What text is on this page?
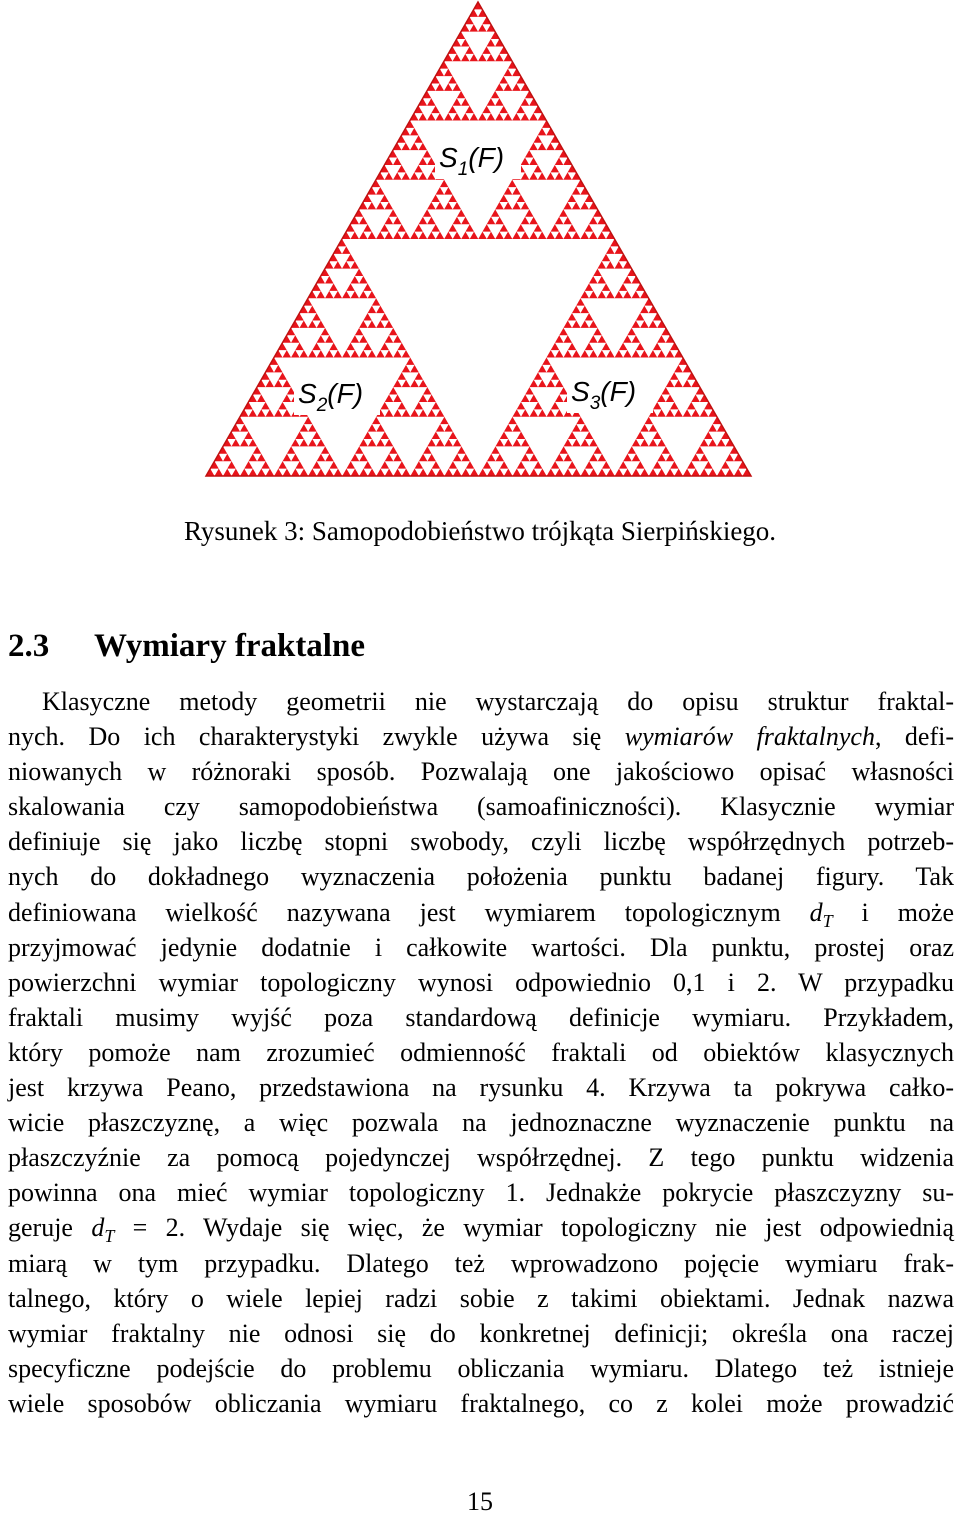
$S_1(F)$
$S_2(F)$	$S_3(F)$
Rysunek 3: Samopodobieństwo trójkąta Sierpińskiego.
2.3 Wymiary fraktalne
Klasyczne metody geometrii nie wystarczają do opisu struktur fraktal-
nych. Do ich charakterystyki zwykle używa się wymiarów fraktalnych, defi-
niowanych w różnoraki sposób. Pozwalają one jakościowo opisać własności
skalowania czy samopodobieństwa (samoafiniczności). Klasycznie wymiar
definiuje się jako liczbę stopni swobody, czyli liczbę współrzędnych potrzeb-
nych do dokładnego wyznaczenia położenia punktu badanej figury. Tak
definiowana wielkość nazywana jest wymiarem topologicznym $d_T$ i może
przyjmować jedynie dodatnie i całkowite wartości. Dla punktu, prostej oraz
powierzchni wymiar topologiczny wynosi odpowiednio 0,1 i 2. W przypadku
fraktali musimy wyjść poza standardową definicje wymiaru. Przykładem,
który pomoże nam zrozumieć odmienność fraktali od obiektów klasycznych
jest krzywa Peano, przedstawiona na rysunku 4. Krzywa ta pokrywa całko-
wicie płaszczyznę, a więc pozwala na jednoznaczne wyznaczenie punktu na
płaszczyźnie za pomocą pojedynczej współrzędnej. Z tego punktu widzenia
powinna ona mieć wymiar topologiczny 1. Jednakże pokrycie płaszczyzny su-
geruje $d_T = 2$. Wydaje się więc, że wymiar topologiczny nie jest odpowiednią
miarą w tym przypadku. Dlatego też wprowadzono pojęcie wymiaru frak-
talnego, który o wiele lepiej radzi sobie z takimi obiektami. Jednak nazwa
wymiar fraktalny nie odnosi się do konkretnej definicji; określa ona raczej
specyficzne podejście do problemu obliczania wymiaru. Dlatego też istnieje
wiele sposobów obliczania wymiaru fraktalnego, co z kolei może prowadzić
15
